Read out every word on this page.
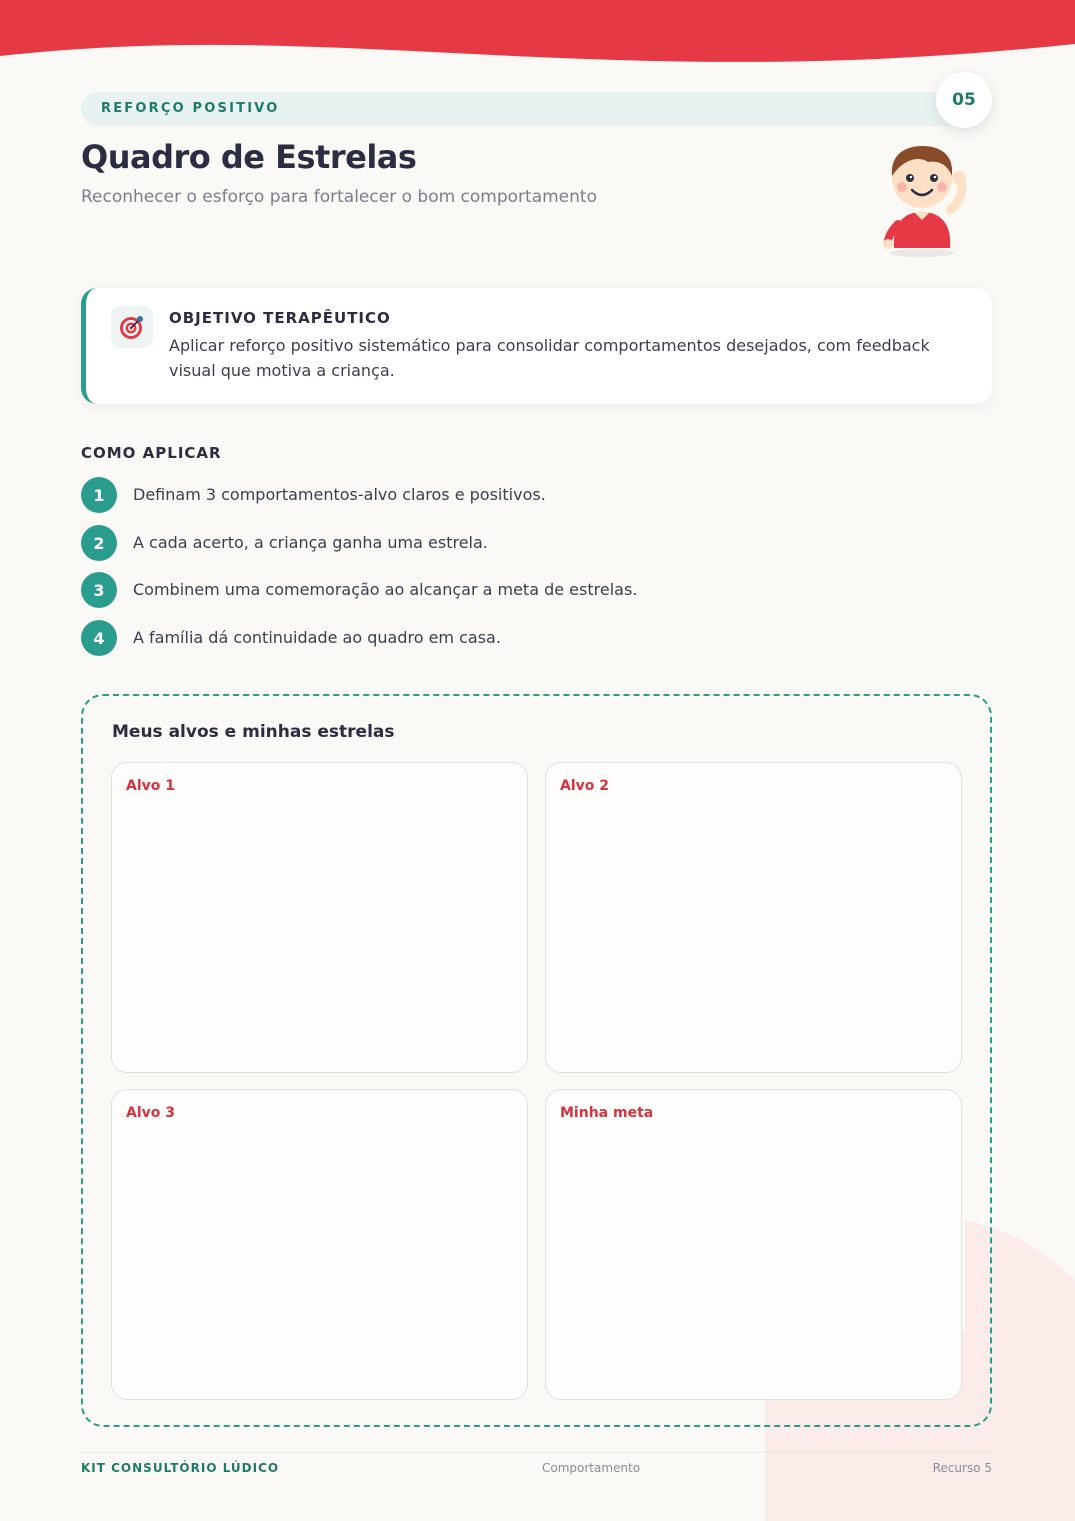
REFORÇO POSITIVO	05
Quadro de Estrelas

Reconhecer o esforço para fortalecer o bom comportamento

OBJETIVO TERAPÊUTICO
Aplicar reforço positivo sistemático para consolidar comportamentos desejados, com feedback visual que motiva a criança.
COMO APLICAR
1	Definam 3 comportamentos-alvo claros e positivos.
2	A cada acerto, a criança ganha uma estrela.
3	Combinem uma comemoração ao alcançar a meta de estrelas.
4	A família dá continuidade ao quadro em casa.
Meus alvos e minhas estrelas
Alvo 1	Alvo 2
Alvo 3	Minha meta
KIT CONSULTÓRIO LÚDICO	Comportamento	Recurso 5
